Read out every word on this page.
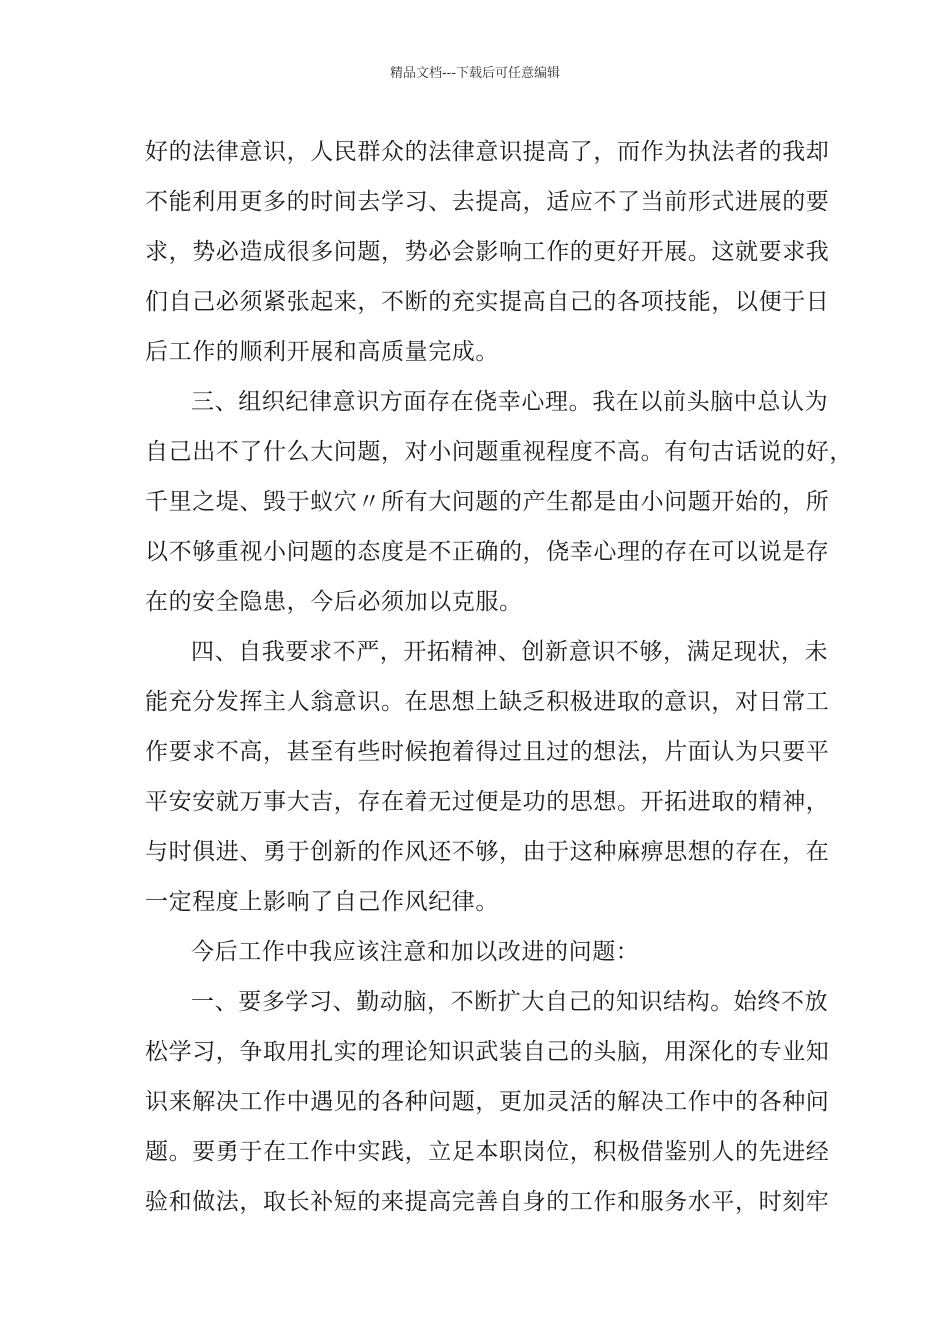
精品文档---下载后可任意编辑
好的法律意识，人民群众的法律意识提高了，而作为执法者的我却
不能利用更多的时间去学习、去提高，适应不了当前形式进展的要
求，势必造成很多问题，势必会影响工作的更好开展。这就要求我
们自己必须紧张起来，不断的充实提高自己的各项技能，以便于日
后工作的顺利开展和高质量完成。
三、组织纪律意识方面存在侥幸心理。我在以前头脑中总认为
自己出不了什么大问题，对小问题重视程度不高。有句古话说的好，
千里之堤、毁于蚁穴〃所有大问题的产生都是由小问题开始的，所
以不够重视小问题的态度是不正确的，侥幸心理的存在可以说是存
在的安全隐患，今后必须加以克服。
四、自我要求不严，开拓精神、创新意识不够，满足现状，未
能充分发挥主人翁意识。在思想上缺乏积极进取的意识，对日常工
作要求不高，甚至有些时候抱着得过且过的想法，片面认为只要平
平安安就万事大吉，存在着无过便是功的思想。开拓进取的精神，
与时俱进、勇于创新的作风还不够，由于这种麻痹思想的存在，在
一定程度上影响了自己作风纪律。
今后工作中我应该注意和加以改进的问题：
一、要多学习、勤动脑，不断扩大自己的知识结构。始终不放
松学习，争取用扎实的理论知识武装自己的头脑，用深化的专业知
识来解决工作中遇见的各种问题，更加灵活的解决工作中的各种问
题。要勇于在工作中实践，立足本职岗位，积极借鉴别人的先进经
验和做法，取长补短的来提高完善自身的工作和服务水平，时刻牢
